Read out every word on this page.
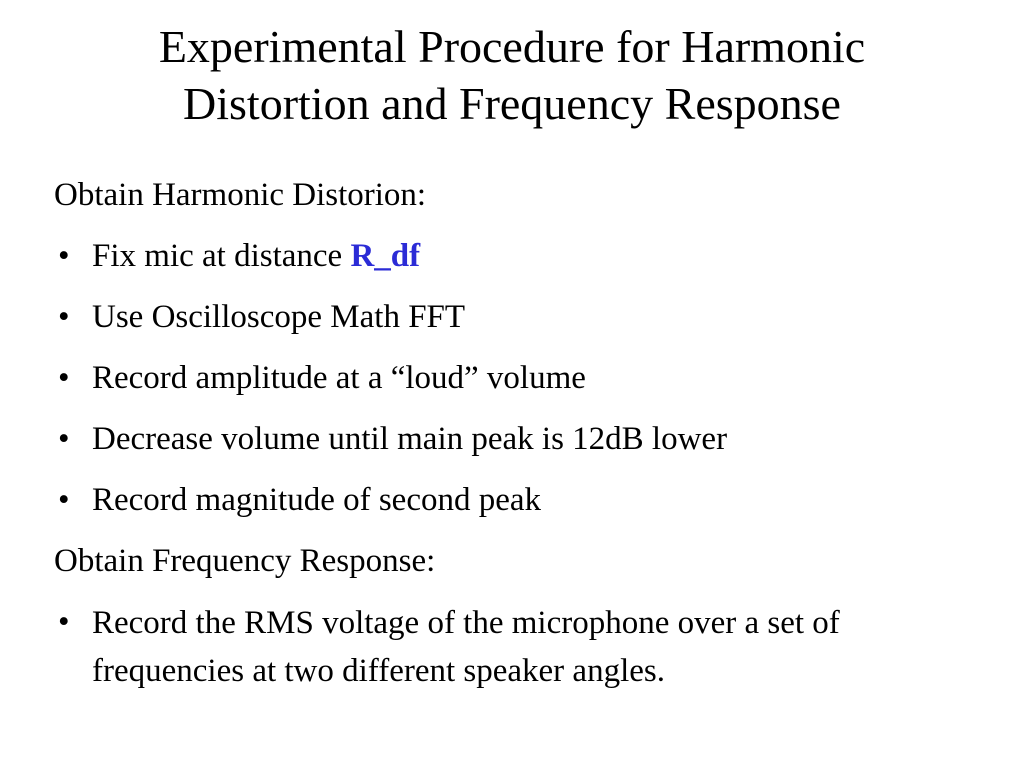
Experimental Procedure for Harmonic
Distortion and Frequency Response
Obtain Harmonic Distorion:
• Fix mic at distance R_df
• Use Oscilloscope Math FFT
• Record amplitude at a “loud” volume
• Decrease volume until main peak is 12dB lower
• Record magnitude of second peak
Obtain Frequency Response:
• Record the RMS voltage of the microphone over a set of frequencies at two different speaker angles.
